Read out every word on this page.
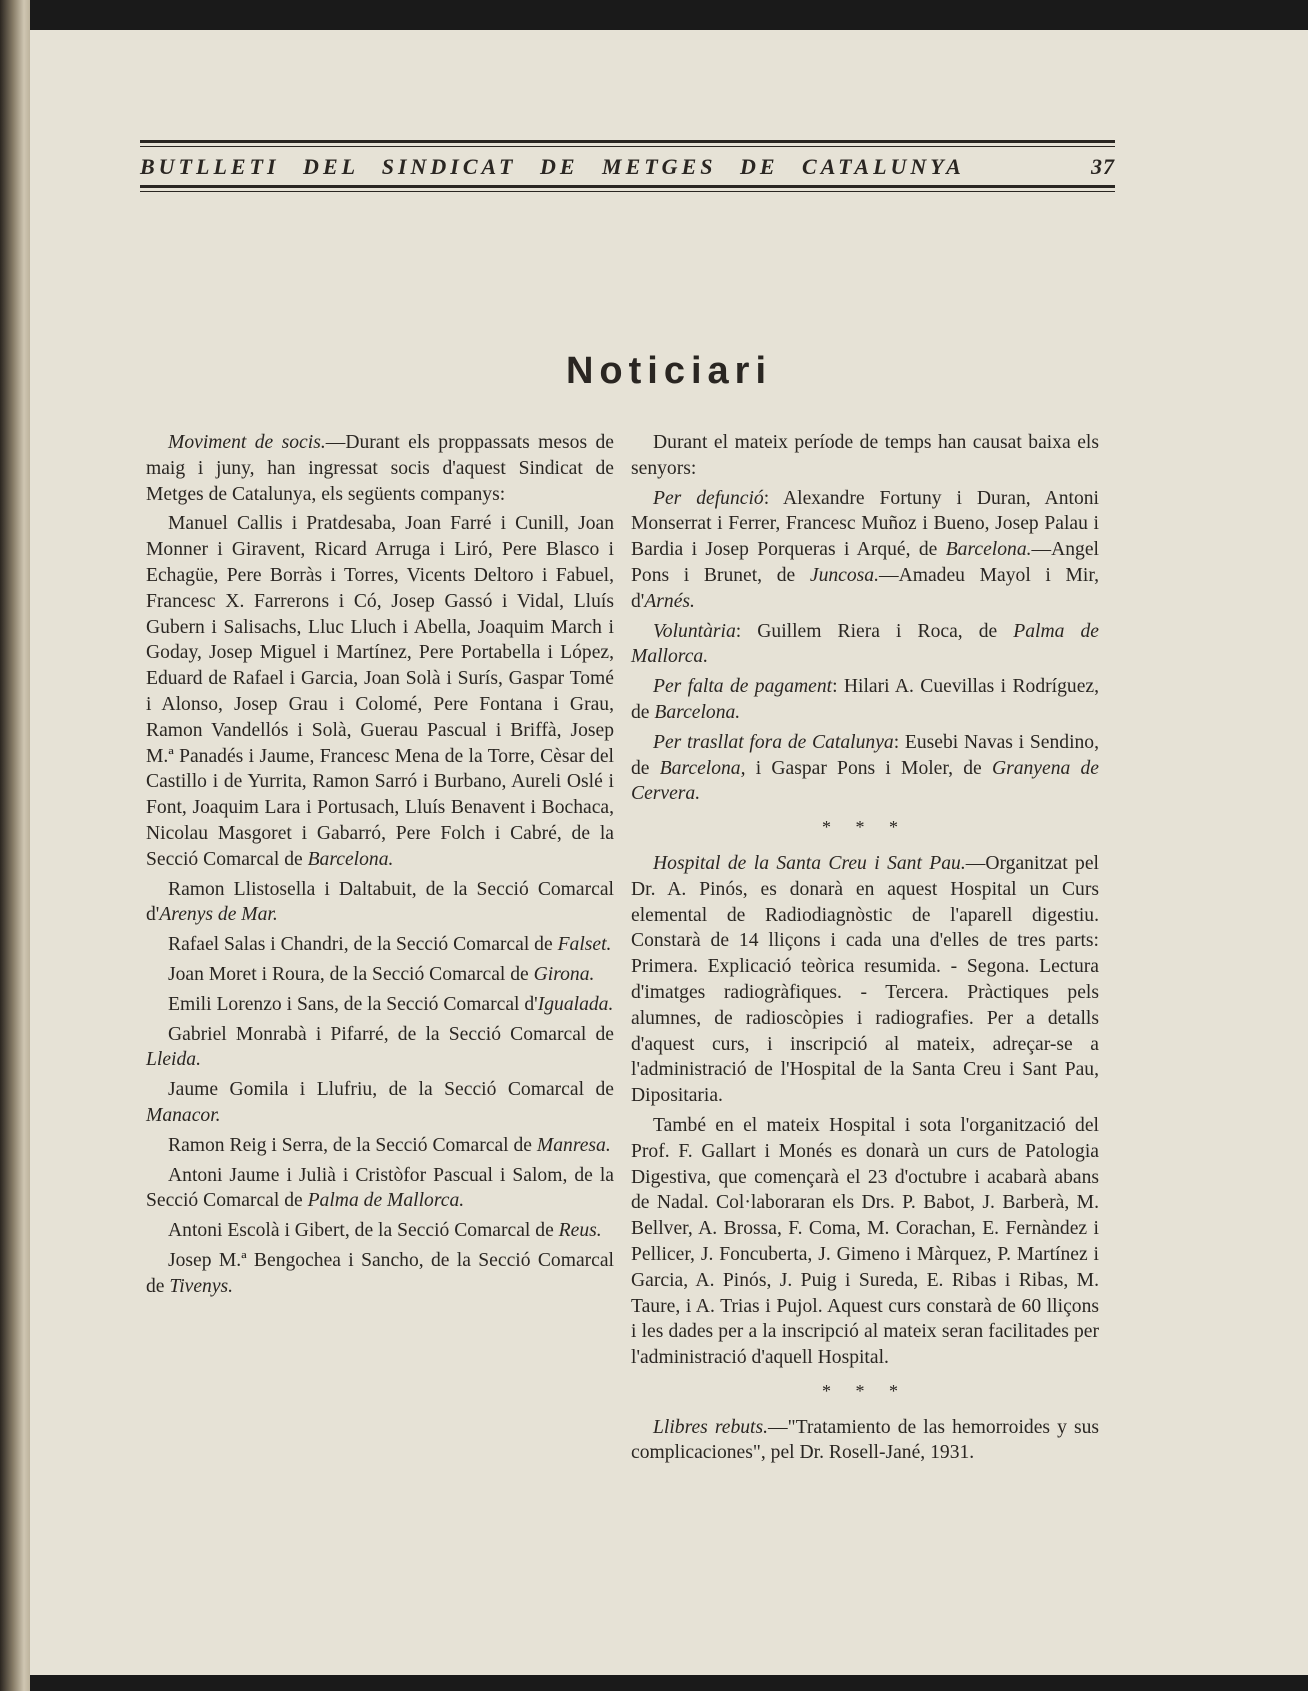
BUTLLETI DEL SINDICAT DE METGES DE CATALUNYA	37
Noticiari

Moviment de socis.—Durant els proppassats mesos de maig i juny, han ingressat socis d'aquest Sindicat de Metges de Catalunya, els següents companys:

Manuel Callis i Pratdesaba, Joan Farré i Cunill, Joan Monner i Giravent, Ricard Arruga i Liró, Pere Blasco i Echagüe, Pere Borràs i Torres, Vicents Deltoro i Fabuel, Francesc X. Farrerons i Có, Josep Gassó i Vidal, Lluís Gubern i Salisachs, Lluc Lluch i Abella, Joaquim March i Goday, Josep Miguel i Martínez, Pere Portabella i López, Eduard de Rafael i Garcia, Joan Solà i Surís, Gaspar Tomé i Alonso, Josep Grau i Colomé, Pere Fontana i Grau, Ramon Vandellós i Solà, Guerau Pascual i Briffà, Josep M.ª Panadés i Jaume, Francesc Mena de la Torre, Cèsar del Castillo i de Yurrita, Ramon Sarró i Burbano, Aureli Oslé i Font, Joaquim Lara i Portusach, Lluís Benavent i Bochaca, Nicolau Masgoret i Gabarró, Pere Folch i Cabré, de la Secció Comarcal de Barcelona.

Ramon Llistosella i Daltabuit, de la Secció Comarcal d'Arenys de Mar.

Rafael Salas i Chandri, de la Secció Comarcal de Falset.

Joan Moret i Roura, de la Secció Comarcal de Girona.

Emili Lorenzo i Sans, de la Secció Comarcal d'Igualada.

Gabriel Monrabà i Pifarré, de la Secció Comarcal de Lleida.

Jaume Gomila i Llufriu, de la Secció Comarcal de Manacor.

Ramon Reig i Serra, de la Secció Comarcal de Manresa.

Antoni Jaume i Julià i Cristòfor Pascual i Salom, de la Secció Comarcal de Palma de Mallorca.

Antoni Escolà i Gibert, de la Secció Comarcal de Reus.

Josep M.ª Bengochea i Sancho, de la Secció Comarcal de Tivenys.

Durant el mateix període de temps han causat baixa els senyors:

Per defunció: Alexandre Fortuny i Duran, Antoni Monserrat i Ferrer, Francesc Muñoz i Bueno, Josep Palau i Bardia i Josep Porqueras i Arqué, de Barcelona.—Angel Pons i Brunet, de Juncosa.—Amadeu Mayol i Mir, d'Arnés.

Voluntària: Guillem Riera i Roca, de Palma de Mallorca.

Per falta de pagament: Hilari A. Cuevillas i Rodríguez, de Barcelona.

Per trasllat fora de Catalunya: Eusebi Navas i Sendino, de Barcelona, i Gaspar Pons i Moler, de Granyena de Cervera.

* * *

Hospital de la Santa Creu i Sant Pau.—Organitzat pel Dr. A. Pinós, es donarà en aquest Hospital un Curs elemental de Radiodiagnòstic de l'aparell digestiu. Constarà de 14 lliçons i cada una d'elles de tres parts: Primera. Explicació teòrica resumida. - Segona. Lectura d'imatges radiogràfiques. - Tercera. Pràctiques pels alumnes, de radioscòpies i radiografies. Per a detalls d'aquest curs, i inscripció al mateix, adreçar-se a l'administració de l'Hospital de la Santa Creu i Sant Pau, Dipositaria.

També en el mateix Hospital i sota l'organització del Prof. F. Gallart i Monés es donarà un curs de Patologia Digestiva, que començarà el 23 d'octubre i acabarà abans de Nadal. Col·laboraran els Drs. P. Babot, J. Barberà, M. Bellver, A. Brossa, F. Coma, M. Corachan, E. Fernàndez i Pellicer, J. Foncuberta, J. Gimeno i Màrquez, P. Martínez i Garcia, A. Pinós, J. Puig i Sureda, E. Ribas i Ribas, M. Taure, i A. Trias i Pujol. Aquest curs constarà de 60 lliçons i les dades per a la inscripció al mateix seran facilitades per l'administració d'aquell Hospital.

* * *

Llibres rebuts.—"Tratamiento de las hemorroides y sus complicaciones", pel Dr. Rosell-Jané, 1931.
